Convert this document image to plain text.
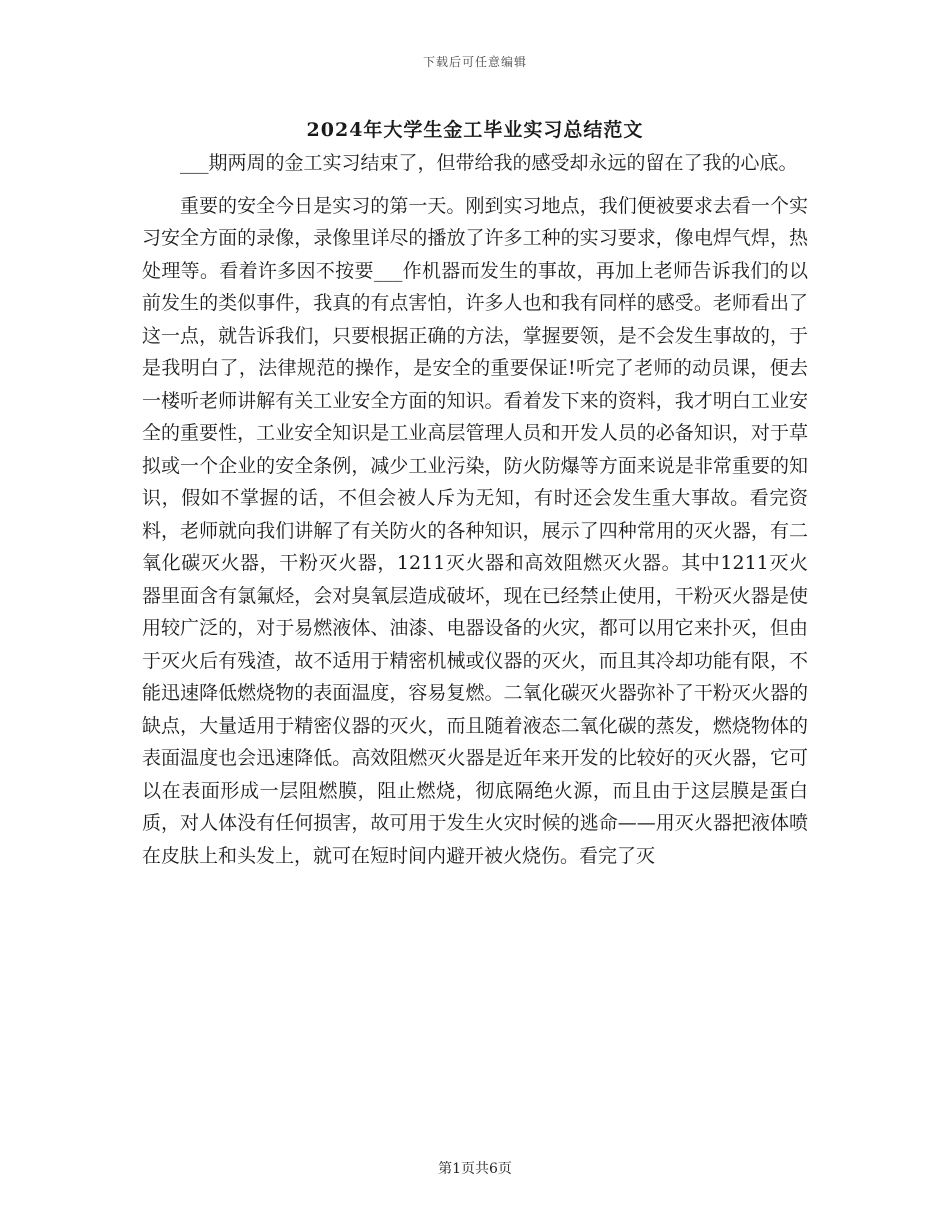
下载后可任意编辑
2024年大学生金工毕业实习总结范文

___期两周的金工实习结束了，但带给我的感受却永远的留在了我的心底。

重要的安全今日是实习的第一天。刚到实习地点，我们便被要求去看一个实习安全方面的录像，录像里详尽的播放了许多工种的实习要求，像电焊气焊，热处理等。看着许多因不按要___作机器而发生的事故，再加上老师告诉我们的以前发生的类似事件，我真的有点害怕，许多人也和我有同样的感受。老师看出了这一点，就告诉我们，只要根据正确的方法，掌握要领，是不会发生事故的，于是我明白了，法律规范的操作，是安全的重要保证!听完了老师的动员课，便去一楼听老师讲解有关工业安全方面的知识。看着发下来的资料，我才明白工业安全的重要性，工业安全知识是工业高层管理人员和开发人员的必备知识，对于草拟或一个企业的安全条例，减少工业污染，防火防爆等方面来说是非常重要的知识，假如不掌握的话，不但会被人斥为无知，有时还会发生重大事故。看完资料，老师就向我们讲解了有关防火的各种知识，展示了四种常用的灭火器，有二氧化碳灭火器，干粉灭火器，1211灭火器和高效阻燃灭火器。其中1211灭火器里面含有氯氟烃，会对臭氧层造成破坏，现在已经禁止使用，干粉灭火器是使用较广泛的，对于易燃液体、油漆、电器设备的火灾，都可以用它来扑灭，但由于灭火后有残渣，故不适用于精密机械或仪器的灭火，而且其冷却功能有限，不能迅速降低燃烧物的表面温度，容易复燃。二氧化碳灭火器弥补了干粉灭火器的缺点，大量适用于精密仪器的灭火，而且随着液态二氧化碳的蒸发，燃烧物体的表面温度也会迅速降低。高效阻燃灭火器是近年来开发的比较好的灭火器，它可以在表面形成一层阻燃膜，阻止燃烧，彻底隔绝火源，而且由于这层膜是蛋白质，对人体没有任何损害，故可用于发生火灾时候的逃命——用灭火器把液体喷在皮肤上和头发上，就可在短时间内避开被火烧伤。看完了灭

第1页共6页
